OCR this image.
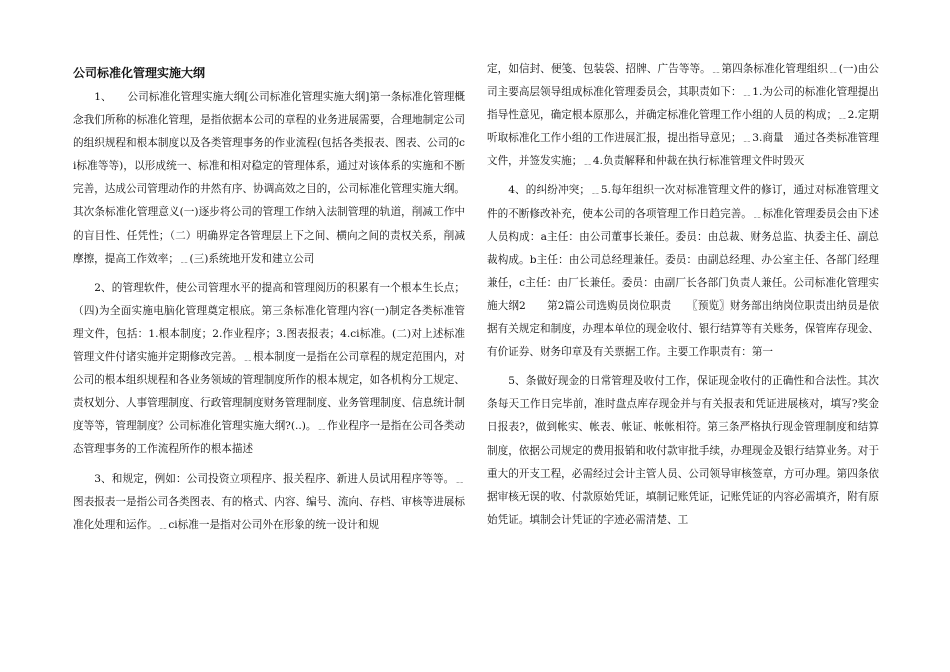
公司标准化管理实施大纲

1、　　公司标准化管理实施大纲[公司标准化管理实施大纲]第一条标准化管理概念我们所称的标准化管理，是指依据本公司的章程的业务进展需要，合理地制定公司的组织规程和根本制度以及各类管理事务的作业流程(包括各类报表、图表、公司的ci标准等等)，以形成统一、标准和相对稳定的管理体系，通过对该体系的实施和不断完善，达成公司管理动作的井然有序、协调高效之目的，公司标准化管理实施大纲。其次条标准化管理意义(一)逐步将公司的管理工作纳入法制管理的轨道，削减工作中的盲目性、任凭性；（二）明确界定各管理层上下之间、横向之间的责权关系，削减摩擦，提高工作效率；﹎(三)系统地开发和建立公司

2、的管理软件，使公司管理水平的提高和管理阅历的积累有一个根本生长点；（四)为全面实施电脑化管理奠定根底。第三条标准化管理内容(一)制定各类标准管理文件，包括：1.根本制度；2.作业程序；3.图表报表；4.ci标准。(二)对上述标准管理文件付诸实施并定期修改完善。﹎根本制度一是指在公司章程的规定范围内，对公司的根本组织规程和各业务领域的管理制度所作的根本规定，如各机构分工规定、责权划分、人事管理制度、行政管理制度财务管理制度、业务管理制度、信息统计制度等等，管理制度？公司标准化管理实施大纲?(..)。﹎作业程序一是指在公司各类动态管理事务的工作流程所作的根本描述

3、和规定，例如：公司投资立项程序、报关程序、新进人员试用程序等等。﹎图表报表一是指公司各类图表、有的格式、内容、编号、流向、存档、审核等进展标准化处理和运作。﹎ci标准一是指对公司外在形象的统一设计和规

定，如信封、便笺、包装袋、招牌、广告等等。﹎第四条标准化管理组织﹎(一)由公司主要高层领导组成标准化管理委员会，其职责如下：﹎1.为公司的标准化管理提出指导性意见，确定根本原那么，并确定标准化管理工作小组的人员的构成；﹎2.定期听取标准化工作小组的工作进展汇报，提出指导意见；﹎3.商量　通过各类标准管理文件，并签发实施；﹎4.负责解释和仲裁在执行标准管理文件时毁灭

4、的纠纷冲突；﹎5.每年组织一次对标准管理文件的修订，通过对标准管理文件的不断修改补充，使本公司的各项管理工作日趋完善。﹎标准化管理委员会由下述人员构成：a主任：由公司董事长兼任。委员：由总裁、财务总监、执委主任、副总裁构成。b主任：由公司总经理兼任。委员：由副总经理、办公室主任、各部门经理兼任，c主任：由厂长兼任。委员：由副厂长各部门负责人兼任。公司标准化管理实施大纲2　　第2篇公司选购员岗位职责　　〖预览〗财务部出纳岗位职责出纳员是依据有关规定和制度，办理本单位的现金收付、银行结算等有关账务，保管库存现金、有价证券、财务印章及有关票据工作。主要工作职责有：第一

5、条做好现金的日常管理及收付工作，保证现金收付的正确性和合法性。其次条每天工作日完毕前，准时盘点库存现金并与有关报表和凭证进展核对，填写?奖金日报表?，做到帐实、帐表、帐证、帐帐相符。第三条严格执行现金管理制度和结算制度，依据公司规定的费用报销和收付款审批手续，办理现金及银行结算业务。对于重大的开支工程，必需经过会计主管人员、公司领导审核签章，方可办理。第四条依据审核无误的收、付款原始凭证，填制记账凭证，记账凭证的内容必需填齐，附有原始凭证。填制会计凭证的字迹必需清楚、工
